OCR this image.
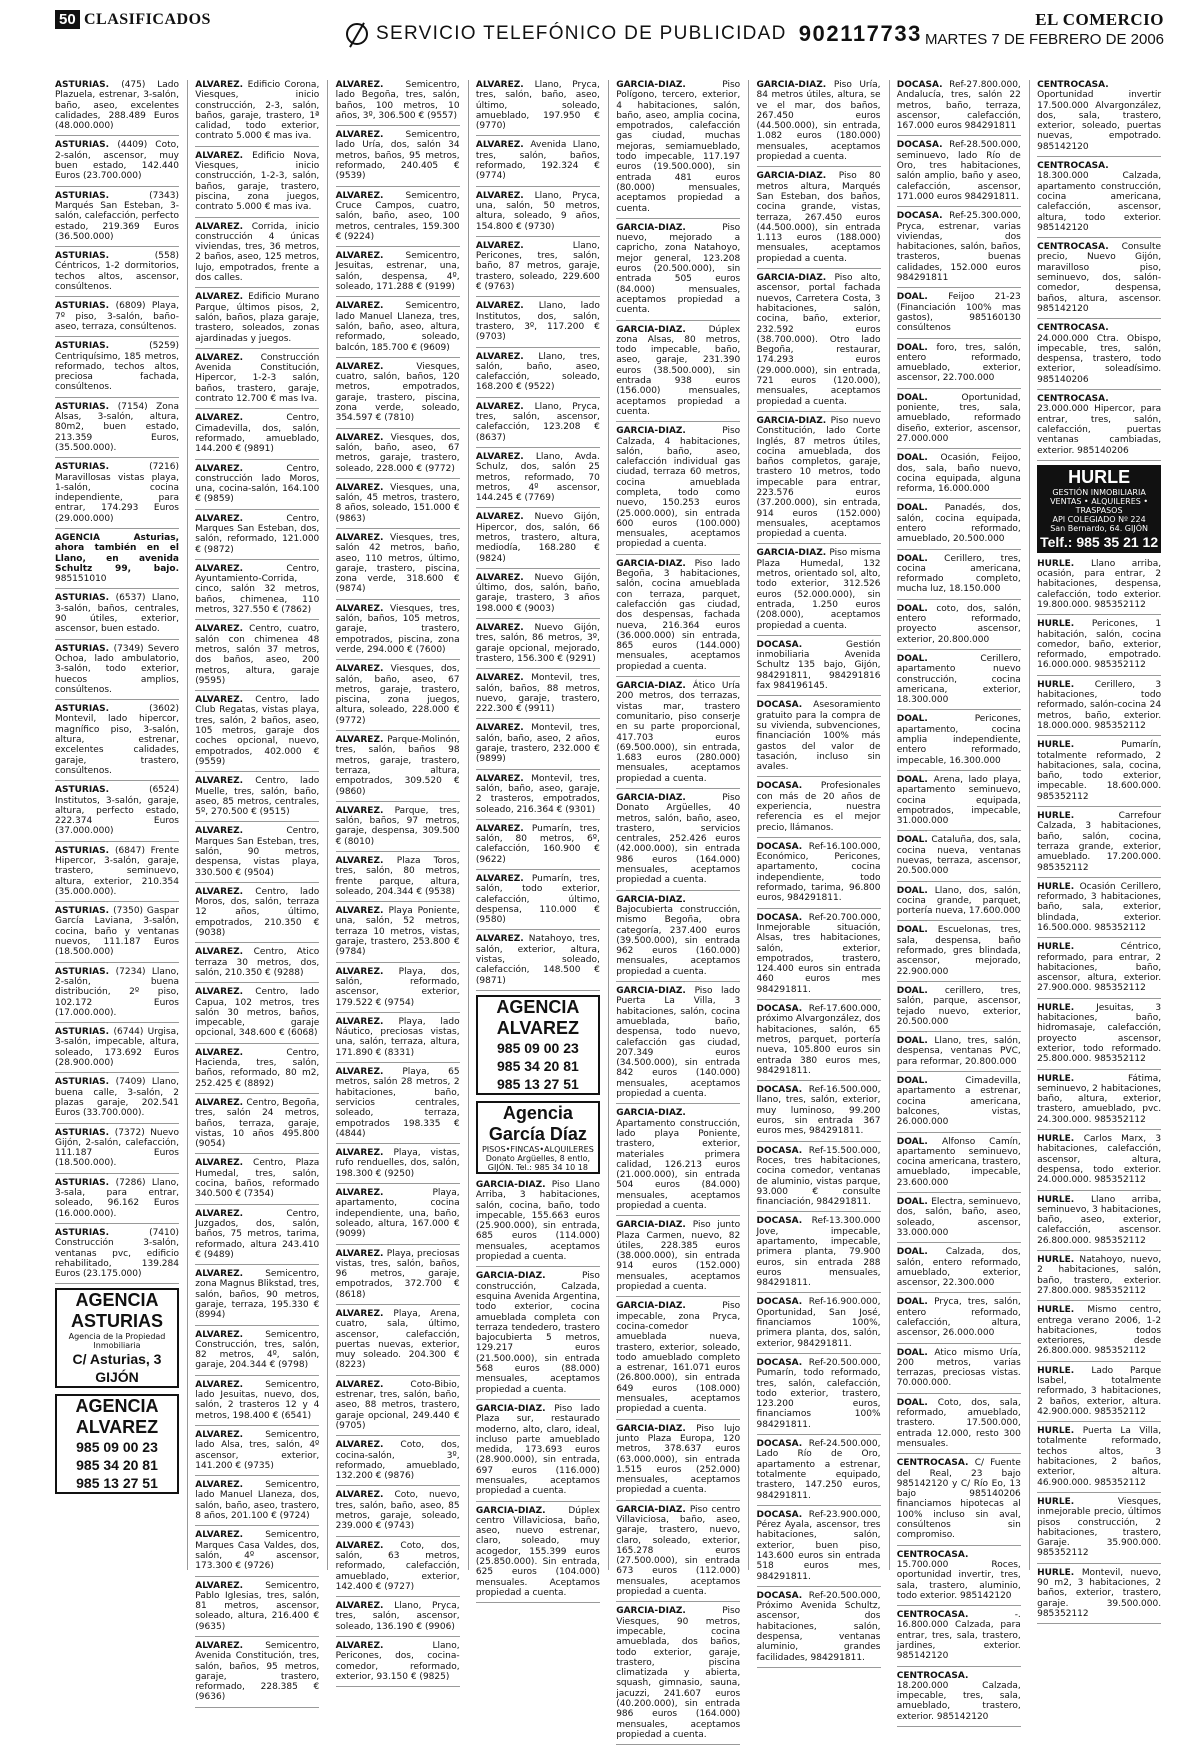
50 CLASIFICADOS
SERVICIO TELEFÓNICO DE PUBLICIDAD 902117733
EL COMERCIO
MARTES 7 DE FEBRERO DE 2006
ASTURIAS. (475) Lado Plazuela, estrenar, 3-salón, baño, aseo, excelentes calidades, 288.489 Euros (48.000.000)
ASTURIAS. (4409) Coto, 2-salón, ascensor, muy buen estado, 142.440 Euros (23.700.000)
ASTURIAS. (7343) Marqués San Esteban, 3-salón, calefacción, perfecto estado, 219.369 Euros (36.500.000)
ASTURIAS. (558) Céntricos, 1-2 dormitorios, techos altos, ascensor, consúltenos.
ASTURIAS. (6809) Playa, 7º piso, 3-salón, baño-aseo, terraza, consúltenos.
ASTURIAS. (5259) Centriquísimo, 185 metros, reformado, techos altos, preciosa fachada, consúltenos.
ASTURIAS. (7154) Zona Alsas, 3-salón, altura, 80m2, buen estado, 213.359 Euros, (35.500.000).
ASTURIAS. (7216) Maravillosas vistas playa, 1-salón, cocina independiente, para entrar, 174.293 Euros (29.000.000)
AGENCIA Asturias, ahora también en el Llano, en avenida Schultz 99, bajo. 985151010
ASTURIAS. (6537) Llano, 3-salón, baños, centrales, 90 útiles, exterior, ascensor, buen estado.
ASTURIAS. (7349) Severo Ochoa, lado ambulatorio, 3-salón, todo exterior, huecos amplios, consúltenos.
ASTURIAS. (3602) Montevil, lado hipercor, magnífico piso, 3-salón, altura, estrenar, excelentes calidades, garaje, trastero, consúltenos.
ASTURIAS. (6524) Institutos, 3-salón, garaje, altura, perfecto estado, 222.374 Euros (37.000.000)
ASTURIAS. (6847) Frente Hipercor, 3-salón, garaje, trastero, seminuevo, altura, exterior, 210.354 (35.000.000).
ASTURIAS. (7350) Gaspar García Laviana, 3-salón, cocina, baño y ventanas nuevos, 111.187 Euros (18.500.000)
ASTURIAS. (7234) Llano, 2-salón, buena distribución, 2º piso, 102.172 Euros (17.000.000).
ASTURIAS. (6744) Urgisa, 3-salón, impecable, altura, soleado, 173.692 Euros (28.900.000)
ASTURIAS. (7409) Llano, buena calle, 3-salón, 2 plazas garaje, 202.541 Euros (33.700.000).
ASTURIAS. (7372) Nuevo Gijón, 2-salón, calefacción, 111.187 Euros (18.500.000).
ASTURIAS. (7286) Llano, 3-sala, para entrar, soleado, 96.162 Euros (16.000.000).
ASTURIAS. (7410) Construcción 3-salón, ventanas pvc, edificio rehabilitado, 139.284 Euros (23.175.000)
AGENCIA ASTURIAS
Agencia de la Propiedad Inmobiliaria
C/ Asturias, 3 GIJÓN
AGENCIA ALVAREZ
985 09 00 23
985 34 20 81
985 13 27 51
ALVAREZ. Edificio Corona, Viesques, inicio construcción, 2-3, salón, baños, garaje, trastero, 1ª calidad, todo exterior, contrato 5.000 € mas iva.
ALVAREZ. Edificio Nova, Viesques, inicio construcción, 1-2-3, salón, baños, garaje, trastero, piscina, zona juegos, contrato 5.000 € mas iva.
ALVAREZ. Corrida, inicio construcción 4 únicas viviendas, tres, 36 metros, 2 baños, aseo, 125 metros, lujo, empotrados, frente a dos calles.
ALVAREZ. Edificio Murano Parque, últimos pisos, 2, salón, baños, plaza garaje, trastero, soleados, zonas ajardinadas y juegos.
ALVAREZ. Construcción Avenida Constitución, Hipercor, 1-2-3 salón, baños, trastero, garaje, contrato 12.700 € mas Iva.
ALVAREZ. Centro, Cimadevilla, dos, salón, reformado, amueblado, 144.200 € (9891)
ALVAREZ. Centro, construcción lado Moros, una, cocina-salón, 164.100 € (9859)
ALVAREZ. Centro, Marques San Esteban, dos, salón, reformado, 121.000 € (9872)
ALVAREZ. Centro, Ayuntamiento-Corrida, cinco, salón 32 metros, baños, chimenea, 110 metros, 327.550 € (7862)
ALVAREZ. Centro, cuatro, salón con chimenea 48 metros, salón 37 metros, dos baños, aseo, 200 metros, altura, garaje (9595)
ALVAREZ. Centro, lado Club Regatas, vistas playa, tres, salón, 2 baños, aseo, 105 metros, garaje dos coches opcional, nuevo, empotrados, 402.000 € (9559)
ALVAREZ. Centro, lado Muelle, tres, salón, baño, aseo, 85 metros, centrales, 5º, 270.500 € (9515)
ALVAREZ. Centro, Marques San Esteban, tres, salón, 90 metros, despensa, vistas playa, 330.500 € (9504)
ALVAREZ. Centro, lado Moros, dos, salón, terraza 12 años, último, empotrados, 210.350 € (9038)
ALVAREZ. Centro, Atico terraza 30 metros, dos, salón, 210.350 € (9288)
ALVAREZ. Centro, lado Capua, 102 metros, tres salón 30 metros, baños, impecable, garaje opcional, 348.600 € (6068)
ALVAREZ. Centro, Hacienda, tres, salón, baños, reformado, 80 m2, 252.425 € (8892)
ALVAREZ. Centro, Begoña, tres, salón 24 metros, baños, terraza, garaje, vistas, 10 años 495.800 (9054)
ALVAREZ. Centro, Plaza Humedal, tres, salón, cocina, baños, reformado 340.500 € (7354)
ALVAREZ. Centro, Juzgados, dos, salón, baños, 75 metros, tarima, reformado, altura 243.410 € (9489)
ALVAREZ. Semicentro, zona Magnus Blikstad, tres, salón, baños, 90 metros, garaje, terraza, 195.330 € (8994)
ALVAREZ. Semicentro, Construcción, tres, salón, 82 metros, 4º, salón, garaje, 204.344 € (9798)
ALVAREZ. Semicentro, lado Jesuitas, nuevo, dos, salón, 2 trasteros 12 y 4 metros, 198.400 € (6541)
ALVAREZ. Semicentro, lado Alsa, tres, salón, 4º ascensor, exterior, 141.200 € (9735)
ALVAREZ. Semicentro, lado Manuel Llaneza, dos, salón, baño, aseo, trastero, 8 años, 201.100 € (9724)
ALVAREZ. Semicentro, Marques Casa Valdes, dos, salón, 4º ascensor, 173.300 € (9726)
ALVAREZ. Semicentro, Pablo Iglesias, tres, salón, 81 metros, ascensor, soleado, altura, 216.400 € (9635)
ALVAREZ. Semicentro, Avenida Constitución, tres, salón, baños, 95 metros, garaje, trastero, reformado, 228.385 € (9636)
ALVAREZ. Semicentro, lado Begoña, tres, salón, baños, 100 metros, 10 años, 3º, 306.500 € (9557)
ALVAREZ. Semicentro, lado Uría, dos, salón 34 metros, baños, 95 metros, reformado, 240.405 € (9539)
ALVAREZ. Semicentro, Cruce Campos, cuatro, salón, baño, aseo, 100 metros, centrales, 159.300 € (9224)
ALVAREZ. Semicentro, Jesuitas, estrenar, una, salón, despensa, 4º, soleado, 171.288 € (9199)
ALVAREZ. Semicentro, lado Manuel Llaneza, tres, salón, baño, aseo, altura, reformado, soleado, balcón, 185.700 € (9609)
ALVAREZ. Viesques, cuatro, salón, baños, 120 metros, empotrados, garaje, trastero, piscina, zona verde, soleado, 354.597 € (7810)
ALVAREZ. Viesques, dos, salón, baño, aseo, 67 metros, garaje, trastero, soleado, 228.000 € (9772)
ALVAREZ. Viesques, una, salón, 45 metros, trastero, 8 años, soleado, 151.000 € (9863)
ALVAREZ. Viesques, tres, salón 42 metros, baño, aseo, 110 metros, último, garaje, trastero, piscina, zona verde, 318.600 € (9874)
ALVAREZ. Viesques, tres, salón, baños, 105 metros, garaje, trastero, empotrados, piscina, zona verde, 294.000 € (7600)
ALVAREZ. Viesques, dos, salón, baño, aseo, 67 metros, garaje, trastero, piscina, zona juegos, altura, soleado, 228.000 € (9772)
ALVAREZ. Parque-Molinón, tres, salón, baños 98 metros, garaje, trastero, terraza, altura, empotrados, 309.520 € (9860)
ALVAREZ. Parque, tres, salón, baños, 97 metros, garaje, despensa, 309.500 € (8010)
ALVAREZ. Plaza Toros, tres, salón, 80 metros, frente parque, altura, soleado, 204.344 € (9538)
ALVAREZ. Playa Poniente, una, salón, 52 metros, terraza 10 metros, vistas, garaje, trastero, 253.800 € (9784)
ALVAREZ. Playa, dos, salón, reformado, ascensor, exterior, 179.522 € (9754)
ALVAREZ. Playa, lado Náutico, preciosas vistas, una, salón, terraza, altura, 171.890 € (8331)
ALVAREZ. Playa, 65 metros, salón 28 metros, 2 habitaciones, baño, servicios centrales, soleado, terraza, empotrados 198.335 € (4844)
ALVAREZ. Playa, vistas, rufo renduelles, dos, salón, 198.300 € (9250)
ALVAREZ. Playa, apartamento, cocina independiente, una, baño, soleado, altura, 167.000 € (9099)
ALVAREZ. Playa, preciosas vistas, tres, salón, baños, 96 metros, garaje, empotrados, 372.700 € (8618)
ALVAREZ. Playa, Arena, cuatro, sala, último, ascensor, calefacción, puertas nuevas, exterior, muy soleado. 204.300 € (8223)
ALVAREZ. Coto-Bibio, estrenar, tres, salón, baño, aseo, 88 metros, trastero, garaje opcional, 249.440 € (9705)
ALVAREZ. Coto, dos, cocina-salón, 3º, reformado, amueblado, 132.200 € (9876)
ALVAREZ. Coto, nuevo, tres, salón, baño, aseo, 85 metros, garaje, soleado, 239.000 € (9743)
ALVAREZ. Coto, dos, salón, 63 metros, reformado, calefacción, amueblado, exterior, 142.400 € (9727)
ALVAREZ. Llano, Pryca, tres, salón, ascensor, soleado, 136.190 € (9906)
ALVAREZ. Llano, Pericones, dos, cocina-comedor, reformado, exterior, 93.150 € (9825)
ALVAREZ. Llano, Pryca, tres, salón, baño, aseo, último, soleado, amueblado, 197.950 € (9770)
ALVAREZ. Avenida Llano, tres, salón, baños, reformado, 192.324 € (9774)
ALVAREZ. Llano, Pryca, una, salón, 50 metros, altura, soleado, 9 años, 154.800 € (9730)
ALVAREZ. Llano, Pericones, tres, salón, baño, 87 metros, garaje, trastero, soleado, 229.600 € (9763)
ALVAREZ. Llano, lado Institutos, dos, salón, trastero, 3º, 117.200 € (9703)
ALVAREZ. Llano, tres, salón, baño, aseo, calefacción, soleado, 168.200 € (9522)
ALVAREZ. Llano, Pryca, tres, salón, ascensor, calefacción, 123.208 € (8637)
ALVAREZ. Llano, Avda. Schulz, dos, salón 25 metros, reformado, 70 metros, 4º ascensor, 144.245 € (7769)
ALVAREZ. Nuevo Gijón, Hipercor, dos, salón, 66 metros, trastero, altura, mediodía, 168.280 € (9824)
ALVAREZ. Nuevo Gijón, último, dos, salón, baño, garaje, trastero, 3 años 198.000 € (9003)
ALVAREZ. Nuevo Gijón, tres, salón, 86 metros, 3º, garaje opcional, mejorado, trastero, 156.300 € (9291)
ALVAREZ. Montevil, tres, salón, baños, 88 metros, nuevo, garaje, trastero, 222.300 € (9911)
ALVAREZ. Montevil, tres, salón, baño, aseo, 2 años, garaje, trastero, 232.000 € (9899)
ALVAREZ. Montevil, tres, salón, baño, aseo, garaje, 2 trasteros, empotrados, soleado, 216.364 € (9301)
ALVAREZ. Pumarín, tres, salón, 80 metros, 6º, calefacción, 160.900 € (9622)
ALVAREZ. Pumarín, tres, salón, todo exterior, calefacción, último, despensa, 110.000 € (9580)
ALVAREZ. Natahoyo, tres, salón, exterior, altura, vistas, soleado, calefacción, 148.500 € (9871)
AGENCIA ALVAREZ
985 09 00 23
985 34 20 81
985 13 27 51
Agencia García Díaz
PISOS•FINCAS•ALQUILERES
Donato Argüelles, 8 entlo, GIJÓN. Tel.: 985 34 10 18
GARCIA-DIAZ. Piso Llano Arriba, 3 habitaciones, salón, cocina, baño, todo impecable, 155.663 euros (25.900.000), sin entrada, 685 euros (114.000) mensuales, aceptamos propiedad a cuenta.
GARCIA-DIAZ. Piso construcción, Calzada, esquina Avenida Argentina, todo exterior, cocina amueblada completa con terraza tendedero, trastero bajocubierta 5 metros, 129.217 euros (21.500.000), sin entrada 568 euros (88.000) mensuales, aceptamos propiedad a cuenta.
GARCIA-DIAZ. Piso lado Plaza sur, restaurado moderno, alto, claro, ideal, incluso parte amueblado medida, 173.693 euros (28.900.000), sin entrada, 697 euros (116.000) mensuales, aceptamos propiedad a cuenta.
GARCIA-DIAZ. Dúplex centro Villaviciosa, baño, aseo, nuevo estrenar, claro, soleado, muy acogedor, 155.399 euros (25.850.000). Sin entrada, 625 euros (104.000) mensuales. Aceptamos propiedad a cuenta.
GARCIA-DIAZ. Piso Polígono, tercero, exterior, 4 habitaciones, salón, baño, aseo, amplia cocina, empotrados, calefacción gas ciudad, muchas mejoras, semiamueblado, todo impecable, 117.197 euros (19.500.000), sin entrada 481 euros (80.000) mensuales, aceptamos propiedad a cuenta.
GARCIA-DIAZ. Piso nuevo, mejorado a capricho, zona Natahoyo, mejor general, 123.208 euros (20.500.000), sin entrada 505 euros (84.000) mensuales, aceptamos propiedad a cuenta.
GARCIA-DIAZ. Dúplex zona Alsas, 80 metros, todo impecable, baño, aseo, garaje, 231.390 euros (38.500.000), sin entrada 938 euros (156.000) mensuales, aceptamos propiedad a cuenta.
GARCIA-DIAZ. Piso Calzada, 4 habitaciones, salón, baño, aseo, calefacción individual gas ciudad, terraza 60 metros, cocina amueblada completa, todo como nuevo, 150.253 euros (25.000.000), sin entrada 600 euros (100.000) mensuales, aceptamos propiedad a cuenta.
GARCIA-DIAZ. Piso lado Begoña, 3 habitaciones, salón, cocina amueblada con terraza, parquet, calefacción gas ciudad, dos despensas, fachada nueva, 216.364 euros (36.000.000) sin entrada, 865 euros (144.000) mensuales, aceptamos propiedad a cuenta.
GARCIA-DIAZ. Ático Uría 200 metros, dos terrazas, vistas mar, trastero comunitario, piso conserje en su parte proporcional, 417.703 euros (69.500.000), sin entrada, 1.683 euros (280.000) mensuales, aceptamos propiedad a cuenta.
GARCIA-DIAZ. Piso Donato Argüelles, 40 metros, salón, baño, aseo, trastero, servicios centrales, 252.426 euros (42.000.000), sin entrada 986 euros (164.000) mensuales, aceptamos propiedad a cuenta.
GARCIA-DIAZ. Bajocubierta construcción, mismo Begoña, obra categoría, 237.400 euros (39.500.000), sin entrada 962 euros (160.000) mensuales, aceptamos propiedad a cuenta.
GARCIA-DIAZ. Piso lado Puerta La Villa, 3 habitaciones, salón, cocina amueblada, baño, despensa, todo nuevo, calefacción gas ciudad, 207.349 euros (34.500.000), sin entrada 842 euros (140.000) mensuales, aceptamos propiedad a cuenta.
GARCIA-DIAZ. Apartamento construcción, lado playa Poniente, trastero, exterior, materiales primera calidad, 126.213 euros (21.000.000), sin entrada 504 euros (84.000) mensuales, aceptamos propiedad a cuenta.
GARCIA-DIAZ. Piso junto Plaza Carmen, nuevo, 82 útiles, 228.385 euros (38.000.000), sin entrada 914 euros (152.000) mensuales, aceptamos propiedad a cuenta.
GARCIA-DIAZ. Piso impecable, zona Pryca, cocina-comedor amueblada nueva, trastero, exterior, soleado, todo amueblado completo a estrenar, 161.071 euros (26.800.000), sin entrada 649 euros (108.000) mensuales, aceptamos propiedad a cuenta.
GARCIA-DIAZ. Piso lujo junto Plaza Europa, 120 metros, 378.637 euros (63.000.000), sin entrada 1.515 euros (252.000) mensuales, aceptamos propiedad a cuenta.
GARCIA-DIAZ. Piso centro Villaviciosa, baño, aseo, garaje, trastero, nuevo, claro, soleado, exterior, 165.278 euros (27.500.000), sin entrada 673 euros (112.000) mensuales, aceptamos propiedad a cuenta.
GARCIA-DIAZ. Piso Viesques, 90 metros, impecable, cocina amueblada, dos baños, todo exterior, garaje, trastero, piscina climatizada y abierta, squash, gimnasio, sauna, jacuzzi, 241.607 euros (40.200.000), sin entrada 986 euros (164.000) mensuales, aceptamos propiedad a cuenta.
GARCIA-DIAZ. Piso Uría, 84 metros útiles, altura, se ve el mar, dos baños, 267.450 euros (44.500.000), sin entrada, 1.082 euros (180.000) mensuales, aceptamos propiedad a cuenta.
GARCIA-DIAZ. Piso 80 metros altura, Marqués San Esteban, dos baños, cocina grande, vistas, terraza, 267.450 euros (44.500.000), sin entrada 1.113 euros (188.000) mensuales, aceptamos propiedad a cuenta.
GARCIA-DIAZ. Piso alto, ascensor, portal fachada nuevos, Carretera Costa, 3 habitaciones, salón, cocina, baño, exterior, 232.592 euros (38.700.000). Otro lado Begoña, restaurar, 174.293 euros (29.000.000), sin entrada, 721 euros (120.000), mensuales, aceptamos propiedad a cuenta.
GARCIA-DIAZ. Piso nuevo Constitución, lado Corte Inglés, 87 metros útiles, cocina amueblada, dos baños completos, garaje, trastero 10 metros, todo impecable para entrar, 223.576 euros (37.200.000), sin entrada, 914 euros (152.000) mensuales, aceptamos propiedad a cuenta.
GARCIA-DIAZ. Piso misma Plaza Humedal, 132 metros, orientado sol, alto, todo exterior, 312.526 euros (52.000.000), sin entrada, 1.250 euros (208.000), aceptamos propiedad a cuenta.
DOCASA. Gestión inmobiliaria Avenida Schultz 135 bajo, Gijón, 984291811, 984291816 fax 984196145.
DOCASA. Asesoramiento gratuito para la compra de su vivienda, subvenciones, financiación 100% más gastos del valor de tasación, incluso sin avales.
DOCASA. Profesionales con más de 20 años de experiencia, nuestra referencia es el mejor precio, llámanos.
DOCASA. Ref-16.100.000, Económico, Pericones, apartamento, cocina independiente, todo reformado, tarima, 96.800 euros, 984291811.
DOCASA. Ref-20.700.000, Inmejorable situación, Alsas, tres habitaciones, salón, exterior, empotrados, trastero, 124.400 euros sin entrada 460 euros mes 984291811.
DOCASA. Ref-17.600.000, próximo Alvargonzález, dos habitaciones, salón, 65 metros, parquet, portería nueva, 105.800 euros sin entrada 380 euros mes, 984291811.
DOCASA. Ref-16.500.000, llano, tres, salón, exterior, muy luminoso, 99.200 euros, sin entrada 367 euros mes, 984291811.
DOCASA. Ref-15.500.000, Roces, tres habitaciones, cocina comedor, ventanas de aluminio, vistas parque, 93.000 € consulte financiación, 984291811.
DOCASA. Ref-13.300.000 Jove, impecable, apartamento, impecable, primera planta, 79.900 euros, sin entrada 288 euros mensuales, 984291811.
DOCASA. Ref-16.900.000, Oportunidad, San José, financiamos 100%, primera planta, dos, salón, exterior, 984291811.
DOCASA. Ref-20.500.000, Pumarín, todo reformado, tres, salón, calefacción, todo exterior, trastero, 123.200 euros, financiamos 100% 984291811.
DOCASA. Ref-24.500.000, Lado Río de Oro, apartamento a estrenar, totalmente equipado, trastero, 147.250 euros, 984291811.
DOCASA. Ref-23.900.000, Pérez Ayala, ascensor, tres habitaciones, salón, exterior, buen piso, 143.600 euros sin entrada 518 euros mes, 984291811.
DOCASA. Ref-20.500.000, Próximo Avenida Schultz, ascensor, dos habitaciones, salón, despensa, ventanas aluminio, grandes facilidades, 984291811.
DOCASA. Ref-27.800.000, Andalucía, tres, salón 22 metros, baño, terraza, ascensor, calefacción, 167.000 euros 984291811
DOCASA. Ref-28.500.000, seminuevo, lado Río de Oro, tres habitaciones, salón amplio, baño y aseo, calefacción, ascensor, 171.000 euros 984291811.
DOCASA. Ref-25.300.000, Pryca, estrenar, varias viviendas, dos habitaciones, salón, baños, trasteros, buenas calidades, 152.000 euros 984291811
DOAL. Feijoo 21-23 (Financiación 100% mas gastos), 985160130 consúltenos
DOAL. foro, tres, salón, entero reformado, amueblado, exterior, ascensor, 22.700.000
DOAL. Oportunidad, poniente, tres, sala, amueblado, reformado diseño, exterior, ascensor, 27.000.000
DOAL. Ocasión, Feijoo, dos, sala, baño nuevo, cocina equipada, alguna reforma, 16.000.000
DOAL. Panadés, dos, salón, cocina equipada, entero reformado, amueblado, 20.500.000
DOAL. Cerillero, tres, cocina americana, reformado completo, mucha luz, 18.150.000
DOAL. coto, dos, salón, entero reformado, proyecto ascensor, exterior, 20.800.000
DOAL. Cerillero, apartamento nuevo construcción, cocina americana, exterior, 18.300.000
DOAL. Pericones, apartamento, cocina amplia independiente, entero reformado, impecable, 16.300.000
DOAL. Arena, lado playa, apartamento seminuevo, cocina equipada, empotrados, impecable, 31.000.000
DOAL. Cataluña, dos, sala, cocina nueva, ventanas nuevas, terraza, ascensor, 20.500.000
DOAL. Llano, dos, salón, cocina grande, parquet, portería nueva, 17.600.000
DOAL. Escuelonas, tres, sala, despensa, baño reformado, gres blindada, ascensor, mejorado, 22.900.000
DOAL. cerillero, tres, salón, parque, ascensor, tejado nuevo, exterior, 20.500.000
DOAL. Llano, tres, salón, despensa, ventanas PVC, para reformar, 20.800.000
DOAL. Cimadevilla, apartamento a estrenar, cocina americana, balcones, vistas, 26.000.000
DOAL. Alfonso Camín, apartamento seminuevo, cocina americana, trastero, amueblado, impecable, 23.600.000
DOAL. Electra, seminuevo, dos, salón, baño, aseo, soleado, ascensor, 33.000.000
DOAL. Calzada, dos, salón, entero reformado, amueblado, exterior, ascensor, 22.300.000
DOAL. Pryca, tres, salón, entero reformado, calefacción, altura, ascensor, 26.000.000
DOAL. Atico mismo Uría, 200 metros, varias terrazas, preciosas vistas. 70.000.000.
DOAL. Coto, dos, sala, reformado, amueblado, trastero. 17.500.000, entrada 12.000, resto 300 mensuales.
CENTROCASA. C/ Fuente del Real, 23 bajo 985142120 y C/ Río Eo, 13 bajo 985140206 financiamos hipotecas al 100% incluso sin aval, consúltenos sin compromiso.
CENTROCASA. 15.700.000 Roces, oportunidad invertir, tres, sala, trastero, aluminio, todo exterior. 985142120
CENTROCASA. -. 16.800.000 Calzada, para entrar, tres, sala, trastero, jardines, exterior. 985142120
CENTROCASA. 18.200.000 Calzada, impecable, tres, sala, amueblado, trastero, exterior. 985142120
CENTROCASA. Oportunidad invertir 17.500.000 Alvargonzález, dos, sala, trastero, exterior, soleado, puertas nuevas, empotrado. 985142120
CENTROCASA. 18.300.000 Calzada, apartamento construcción, cocina americana, calefacción, ascensor, altura, todo exterior. 985142120
CENTROCASA. Consulte precio, Nuevo Gijón, maravilloso piso, seminuevo, dos, salón-comedor, despensa, baños, altura, ascensor. 985142120
CENTROCASA. 24.000.000 Ctra. Obispo, impecable, tres, salón, despensa, trastero, todo exterior, soleadísimo. 985140206
CENTROCASA. 23.000.000 Hipercor, para entrar, tres, salón, calefacción, puertas ventanas cambiadas, exterior. 985140206
HURLE
GESTIÓN INMOBILIARIA
VENTAS • ALQUILERES • TRASPASOS
API COLEGIADO Nº 224
San Bernardo, 64. GIJÓN
Telf.: 985 35 21 12
HURLE. Llano arriba, ocasión, para entrar, 2 habitaciones, despensa, calefacción, todo exterior. 19.800.000. 985352112
HURLE. Pericones, 1 habitación, salón, cocina comedor, baño, exterior, reformado, empotrado. 16.000.000. 985352112
HURLE. Cerillero, 3 habitaciones, todo reformado, salón-cocina 24 metros, baño, exterior. 18.000.000. 985352112
HURLE. Pumarín, totalmente reformado, 2 habitaciones, sala, cocina, baño, todo exterior, impecable. 18.600.000. 985352112
HURLE. Carrefour Calzada, 3 habitaciones, baño, salón, cocina, terraza grande, exterior, amueblado. 17.200.000. 985352112
HURLE. Ocasión Cerillero, reformado, 3 habitaciones, baño, sala, exterior, blindada, exterior. 16.500.000. 985352112
HURLE. Céntrico, reformado, para entrar, 2 habitaciones, baño, ascensor, altura, exterior. 27.900.000. 985352112
HURLE. Jesuitas, 3 habitaciones, baño, hidromasaje, calefacción, proyecto ascensor, exterior, todo reformado. 25.800.000. 985352112
HURLE. Fátima, seminuevo, 2 habitaciones, baño, altura, exterior, trastero, amueblado, pvc. 24.300.000. 985352112
HURLE. Carlos Marx, 3 habitaciones, calefacción, ascensor, altura, despensa, todo exterior. 24.000.000. 985352112
HURLE. Llano arriba, seminuevo, 3 habitaciones, baño, aseo, exterior, calefacción, ascensor. 26.800.000. 985352112
HURLE. Natahoyo, nuevo, 2 habitaciones, salón, baño, trastero, exterior. 27.800.000. 985352112
HURLE. Mismo centro, entrega verano 2006, 1-2 habitaciones, todos exteriores, desde 26.800.000. 985352112
HURLE. Lado Parque Isabel, totalmente reformado, 3 habitaciones, 2 baños, exterior, altura. 42.900.000. 985352112
HURLE. Puerta La Villa, totalmente reformado, techos altos, 3 habitaciones, 2 baños, exterior, altura. 46.900.000. 985352112
HURLE. Viesques, inmejorable precio, últimos pisos construcción, 2 habitaciones, trastero, Garaje. 35.900.000. 985352112
HURLE. Montevil, nuevo, 90 m2, 3 habitaciones, 2 baños, exterior, trastero, garaje. 39.500.000. 985352112
